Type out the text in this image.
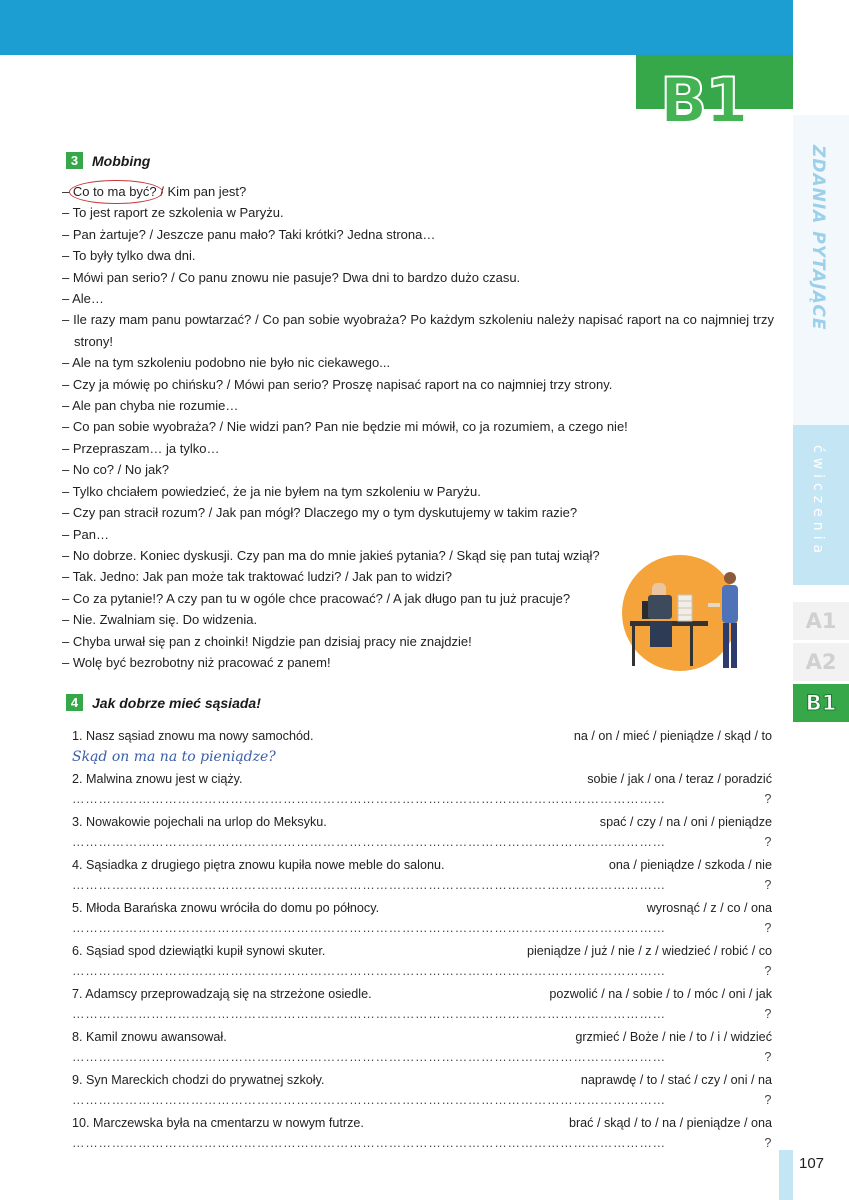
B1
ZDANIA PYTAJĄCE
ćwiczenia
A1
A2
B1
3 Mobbing
– Co to ma być? / Kim pan jest?
– To jest raport ze szkolenia w Paryżu.
– Pan żartuje? / Jeszcze panu mało? Taki krótki? Jedna strona…
– To były tylko dwa dni.
– Mówi pan serio? / Co panu znowu nie pasuje? Dwa dni to bardzo dużo czasu.
– Ale…
– Ile razy mam panu powtarzać? / Co pan sobie wyobraża? Po każdym szkoleniu należy napisać raport na co najmniej trzy strony!
– Ale na tym szkoleniu podobno nie było nic ciekawego...
– Czy ja mówię po chińsku? / Mówi pan serio? Proszę napisać raport na co najmniej trzy strony.
– Ale pan chyba nie rozumie…
– Co pan sobie wyobraża? / Nie widzi pan? Pan nie będzie mi mówił, co ja rozumiem, a czego nie!
– Przepraszam… ja tylko…
– No co? / No jak?
– Tylko chciałem powiedzieć, że ja nie byłem na tym szkoleniu w Paryżu.
– Czy pan stracił rozum? / Jak pan mógł? Dlaczego my o tym dyskutujemy w takim razie?
– Pan…
– No dobrze. Koniec dyskusji. Czy pan ma do mnie jakieś pytania? / Skąd się pan tutaj wziął?
– Tak. Jedno: Jak pan może tak traktować ludzi? / Jak pan to widzi?
– Co za pytanie!? A czy pan tu w ogóle chce pracować? / A jak długo pan tu już pracuje?
– Nie. Zwalniam się. Do widzenia.
– Chyba urwał się pan z choinki! Nigdzie pan dzisiaj pracy nie znajdzie!
– Wolę być bezrobotny niż pracować z panem!
4 Jak dobrze mieć sąsiada!
1. Nasz sąsiad znowu ma nowy samochód.	na / on / mieć / pieniądze / skąd / to
Skąd on ma na to pieniądze?
2. Malwina znowu jest w ciąży.	sobie / jak / ona / teraz / poradzić
………………………………………………………………………………………………………………………	?
3. Nowakowie pojechali na urlop do Meksyku.	spać / czy / na / oni / pieniądze
………………………………………………………………………………………………………………………	?
4. Sąsiadka z drugiego piętra znowu kupiła nowe meble do salonu.	ona / pieniądze / szkoda / nie
………………………………………………………………………………………………………………………	?
5. Młoda Barańska znowu wróciła do domu po północy.	wyrosnąć / z / co / ona
………………………………………………………………………………………………………………………	?
6. Sąsiad spod dziewiątki kupił synowi skuter.	pieniądze / już / nie / z / wiedzieć / robić / co
………………………………………………………………………………………………………………………	?
7. Adamscy przeprowadzają się na strzeżone osiedle.	pozwolić / na / sobie / to / móc / oni / jak
………………………………………………………………………………………………………………………	?
8. Kamil znowu awansował.	grzmieć / Boże / nie / to / i / widzieć
………………………………………………………………………………………………………………………	?
9. Syn Mareckich chodzi do prywatnej szkoły.	naprawdę / to / stać / czy / oni / na
………………………………………………………………………………………………………………………	?
10. Marczewska była na cmentarzu w nowym futrze.	brać / skąd / to / na / pieniądze / ona
………………………………………………………………………………………………………………………	?
107
